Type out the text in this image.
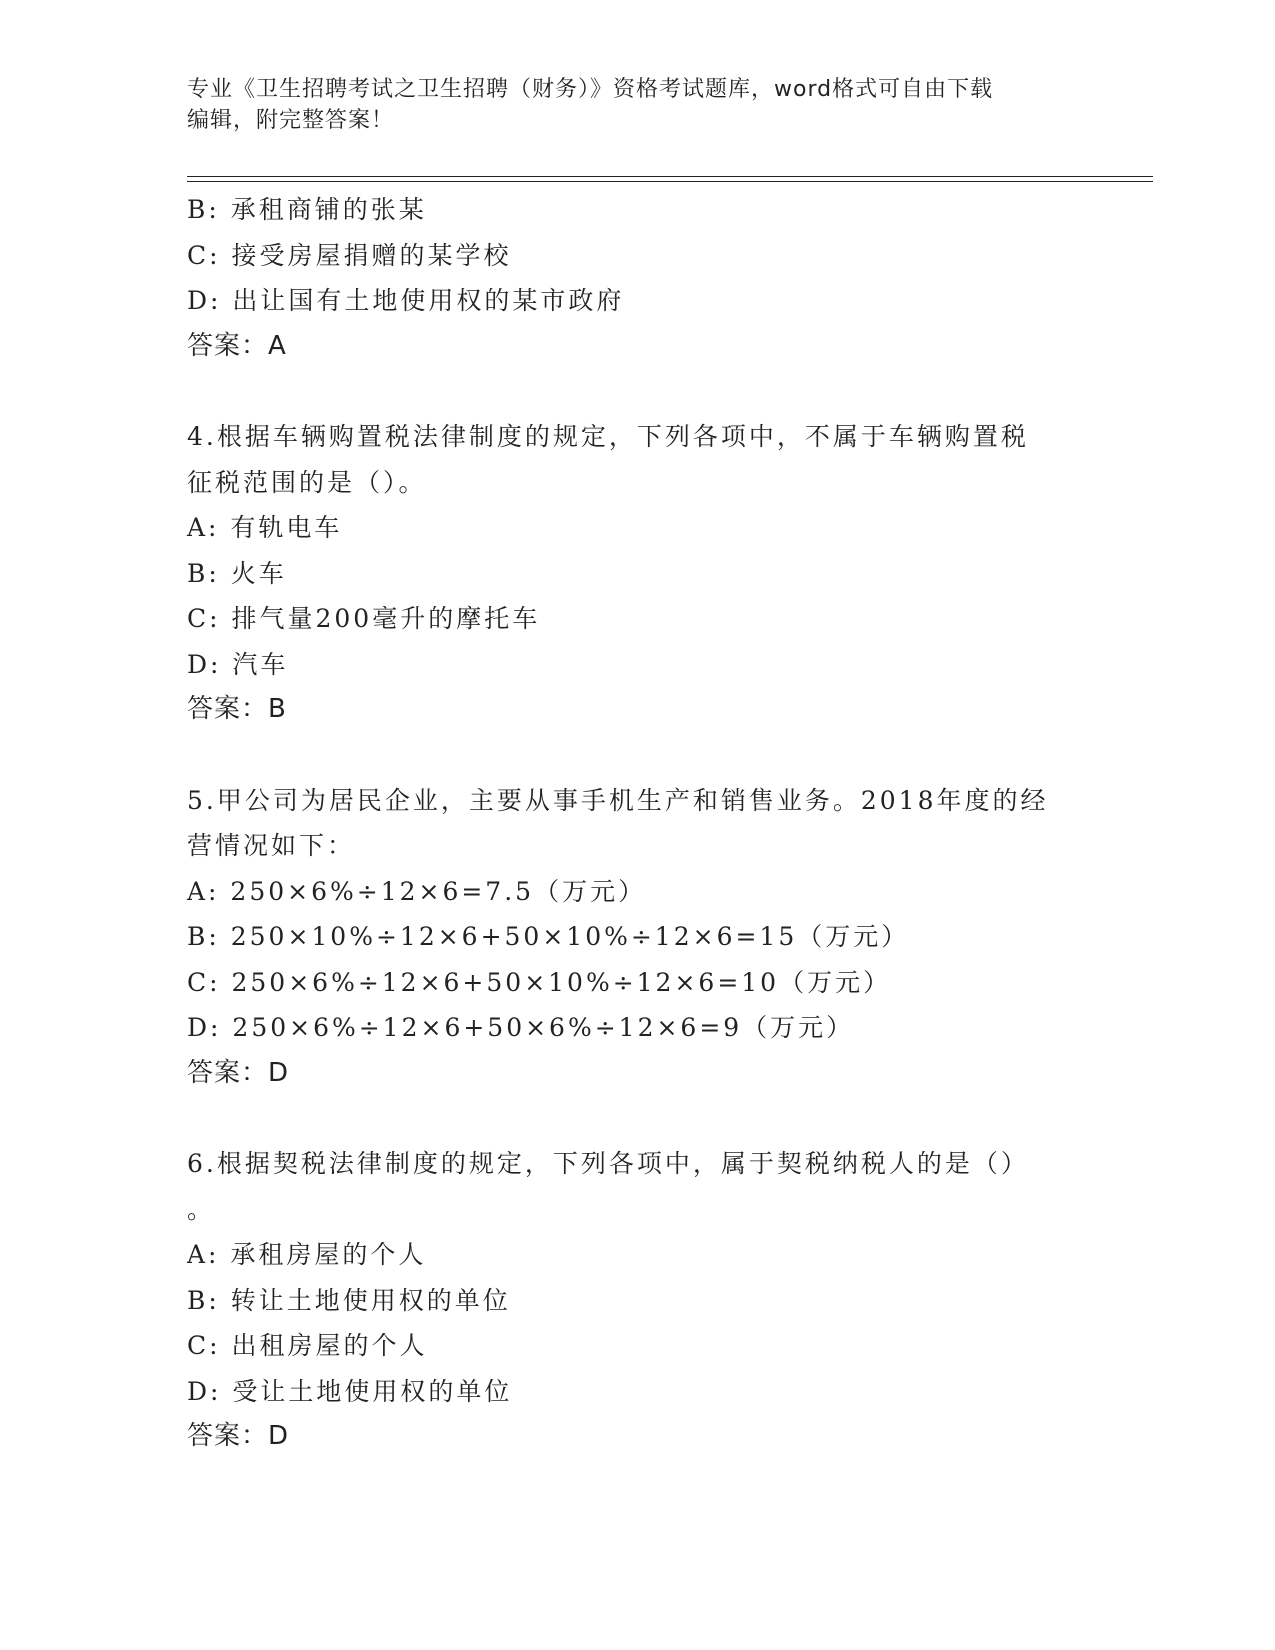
专业《卫生招聘考试之卫生招聘（财务）》资格考试题库，word格式可自由下载
编辑，附完整答案！
B: 承租商铺的张某
C: 接受房屋捐赠的某学校
D: 出让国有土地使用权的某市政府
答案：A
4.根据车辆购置税法律制度的规定，下列各项中，不属于车辆购置税
征税范围的是（）。
A: 有轨电车
B: 火车
C: 排气量200毫升的摩托车
D: 汽车
答案：B
5.甲公司为居民企业，主要从事手机生产和销售业务。2018年度的经
营情况如下：
A: 250×6%÷12×6=7.5（万元）
B: 250×10%÷12×6+50×10%÷12×6=15（万元）
C: 250×6%÷12×6+50×10%÷12×6=10（万元）
D: 250×6%÷12×6+50×6%÷12×6=9（万元）
答案：D
6.根据契税法律制度的规定，下列各项中，属于契税纳税人的是（）
。
A: 承租房屋的个人
B: 转让土地使用权的单位
C: 出租房屋的个人
D: 受让土地使用权的单位
答案：D
